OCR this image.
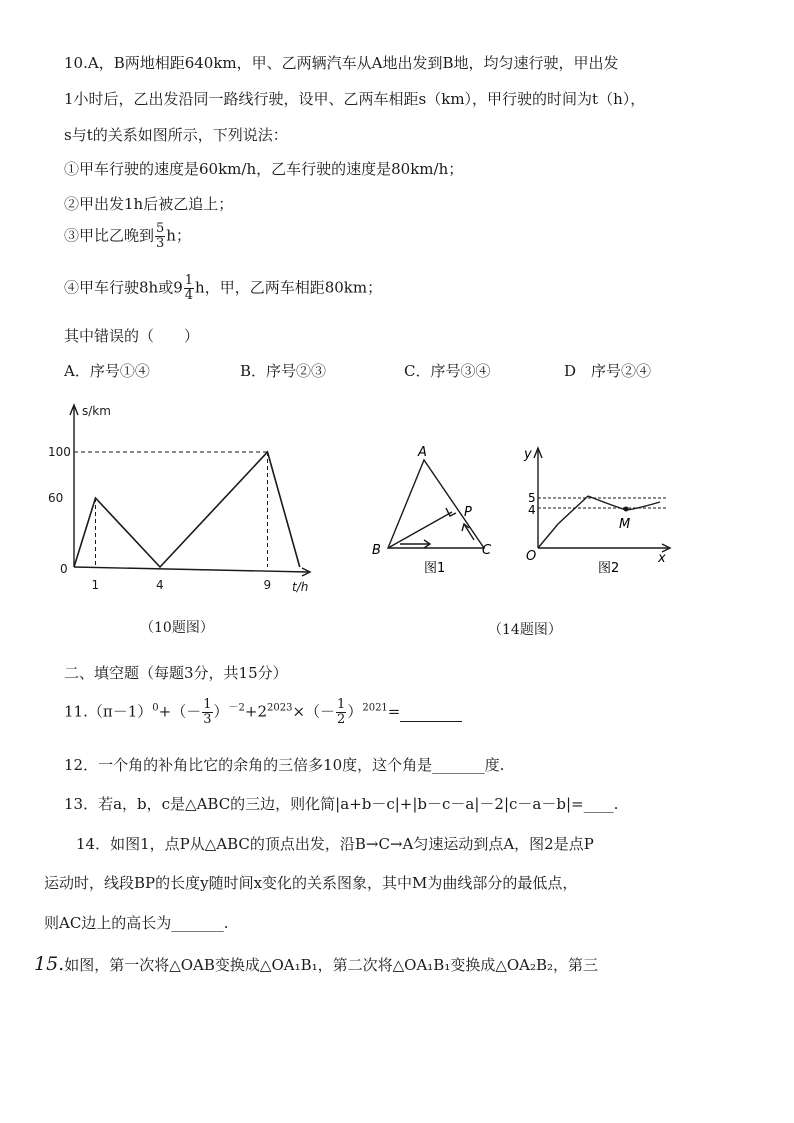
10.A，B两地相距640km，甲、乙两辆汽车从A地出发到B地，均匀速行驶，甲出发
1小时后，乙出发沿同一路线行驶，设甲、乙两车相距s（km），甲行驶的时间为t（h），
s与t的关系如图所示，下列说法：
①甲车行驶的速度是60km/h，乙车行驶的速度是80km/h；
②甲出发1h后被乙追上；
③甲比乙晚到 $\frac{5}{3}$ h；
④甲车行驶8h或$9 \frac{1}{4}$ h，甲，乙两车相距80km；
其中错误的（　　）
A．序号①④	B．序号②③	C．序号③④	D　序号②④
100
60
1	4	9
s/km
t/h
0
（10题图）
A
B	C
P
图1
y
x
O
5
4
M
图2
（14题图）
二、填空题（每题3分，共15分）
$11.(\pi-1)^0+(- \frac{1}{3} )^{-2}+2^{2023}\times(- \frac{1}{2} )^{2021}=$
12．一个角的补角比它的余角的三倍多10度，这个角是_______度.
13．若a，b，c是△ABC的三边，则化简|a+b－c|+|b－c－a|－2|c－a－b|=____.
14．如图1，点P从△ABC的顶点出发，沿B→C→A匀速运动到点A，图2是点P
运动时，线段BP的长度y随时间x变化的关系图象，其中M为曲线部分的最低点，
则AC边上的高长为_______.
15.如图，第一次将△OAB变换成△OA₁B₁，第二次将△OA₁B₁变换成△OA₂B₂，第三
